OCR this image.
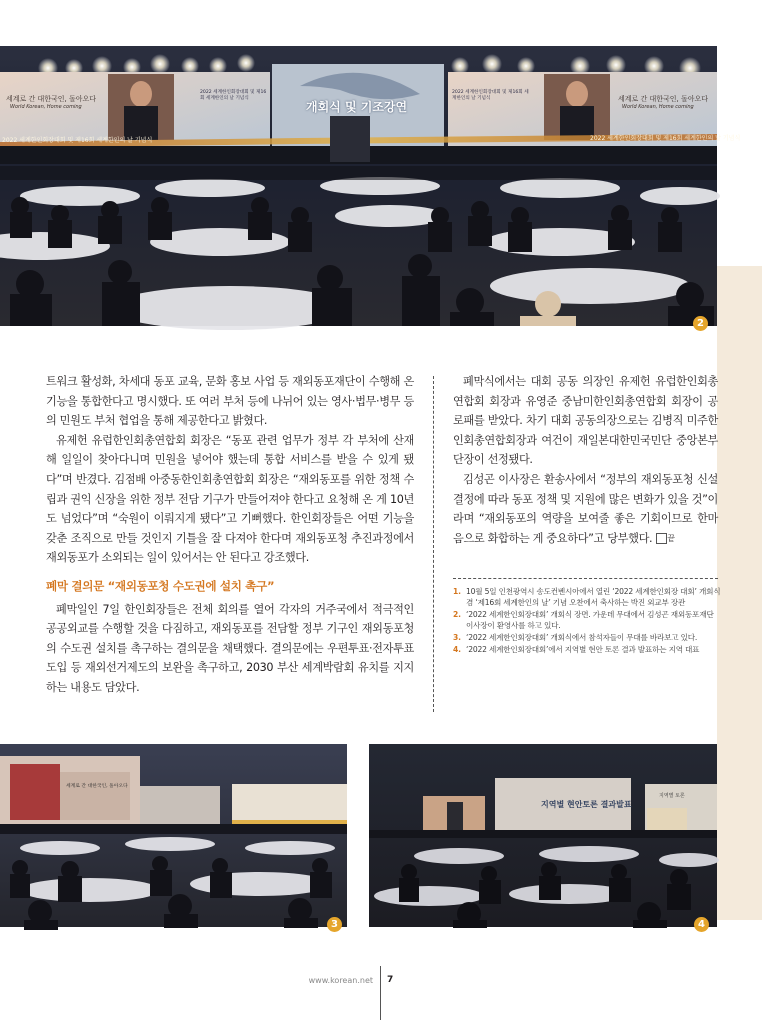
개회식 및 기조강연
세계로 간 대한국인, 돌아오다
World Korean, Home coming
세계로 간 대한국인, 돌아오다
World Korean, Home coming
2022 세계한인회장대회 및 제16회 세계한인의 날 기념식
2022 세계한인회장대회 및 제16회 세계한인의 날 기념식
2022 세계한인회장대회 및 제16회 세계한인의 날 기념식	2022 세계한인회장대회 및 제16회 세계한인의 날 기념식
2

트워크 활성화, 차세대 동포 교육, 문화 홍보 사업 등 재외동포재단이 수행해 온 기능을 통합한다고 명시했다. 또 여러 부처 등에 나뉘어 있는 영사·법무·병무 등의 민원도 부처 협업을 통해 제공한다고 밝혔다.

유제헌 유럽한인회총연합회 회장은 “동포 관련 업무가 정부 각 부처에 산재해 일일이 찾아다니며 민원을 넣어야 했는데 통합 서비스를 받을 수 있게 됐다”며 반겼다. 김점배 아중동한인회총연합회 회장은 “재외동포를 위한 정책 수립과 권익 신장을 위한 정부 전담 기구가 만들어져야 한다고 요청해 온 게 10년도 넘었다”며 “숙원이 이뤄지게 됐다”고 기뻐했다. 한인회장들은 어떤 기능을 갖춘 조직으로 만들 것인지 기틀을 잘 다져야 한다며 재외동포청 추진과정에서 재외동포가 소외되는 일이 있어서는 안 된다고 강조했다.

폐막 결의문 “재외동포청 수도권에 설치 촉구”

폐막일인 7일 한인회장들은 전체 회의를 열어 각자의 거주국에서 적극적인 공공외교를 수행할 것을 다짐하고, 재외동포를 전담할 정부 기구인 재외동포청의 수도권 설치를 촉구하는 결의문을 채택했다. 결의문에는 우편투표·전자투표 도입 등 재외선거제도의 보완을 촉구하고, 2030 부산 세계박람회 유치를 지지하는 내용도 담았다.

폐막식에서는 대회 공동 의장인 유제헌 유럽한인회총연합회 회장과 유영준 중남미한인회총연합회 회장이 공로패를 받았다. 차기 대회 공동의장으로는 김병직 미주한인회총연합회장과 여건이 재일본대한민국민단 중앙본부 단장이 선정됐다.

김성곤 이사장은 환송사에서 “정부의 재외동포청 신설 결정에 따라 동포 정책 및 지원에 많은 변화가 있을 것”이라며 “재외동포의 역량을 보여줄 좋은 기회이므로 한마음으로 화합하는 게 중요하다”고 당부했다. 끝

1. 10월 5일 인천광역시 송도컨벤시아에서 열린 ‘2022 세계한인회장 대회’ 개회식 겸 ‘제16회 세계한인의 날’ 기념 오찬에서 축사하는 박진 외교부 장관
2. ‘2022 세계한인회장대회’ 개회식 장면. 가운데 무대에서 김성곤 재외동포재단 이사장이 환영사를 하고 있다.
3. ‘2022 세계한인회장대회’ 개회식에서 참석자들이 무대를 바라보고 있다.
4. ‘2022 세계한인회장대회’에서 지역별 현안 토론 결과 발표하는 지역 대표
세계로 간 대한국인, 돌아오다
3
지역별 현안토론 결과발표
지역별 토론
4
www.korean.net 7
